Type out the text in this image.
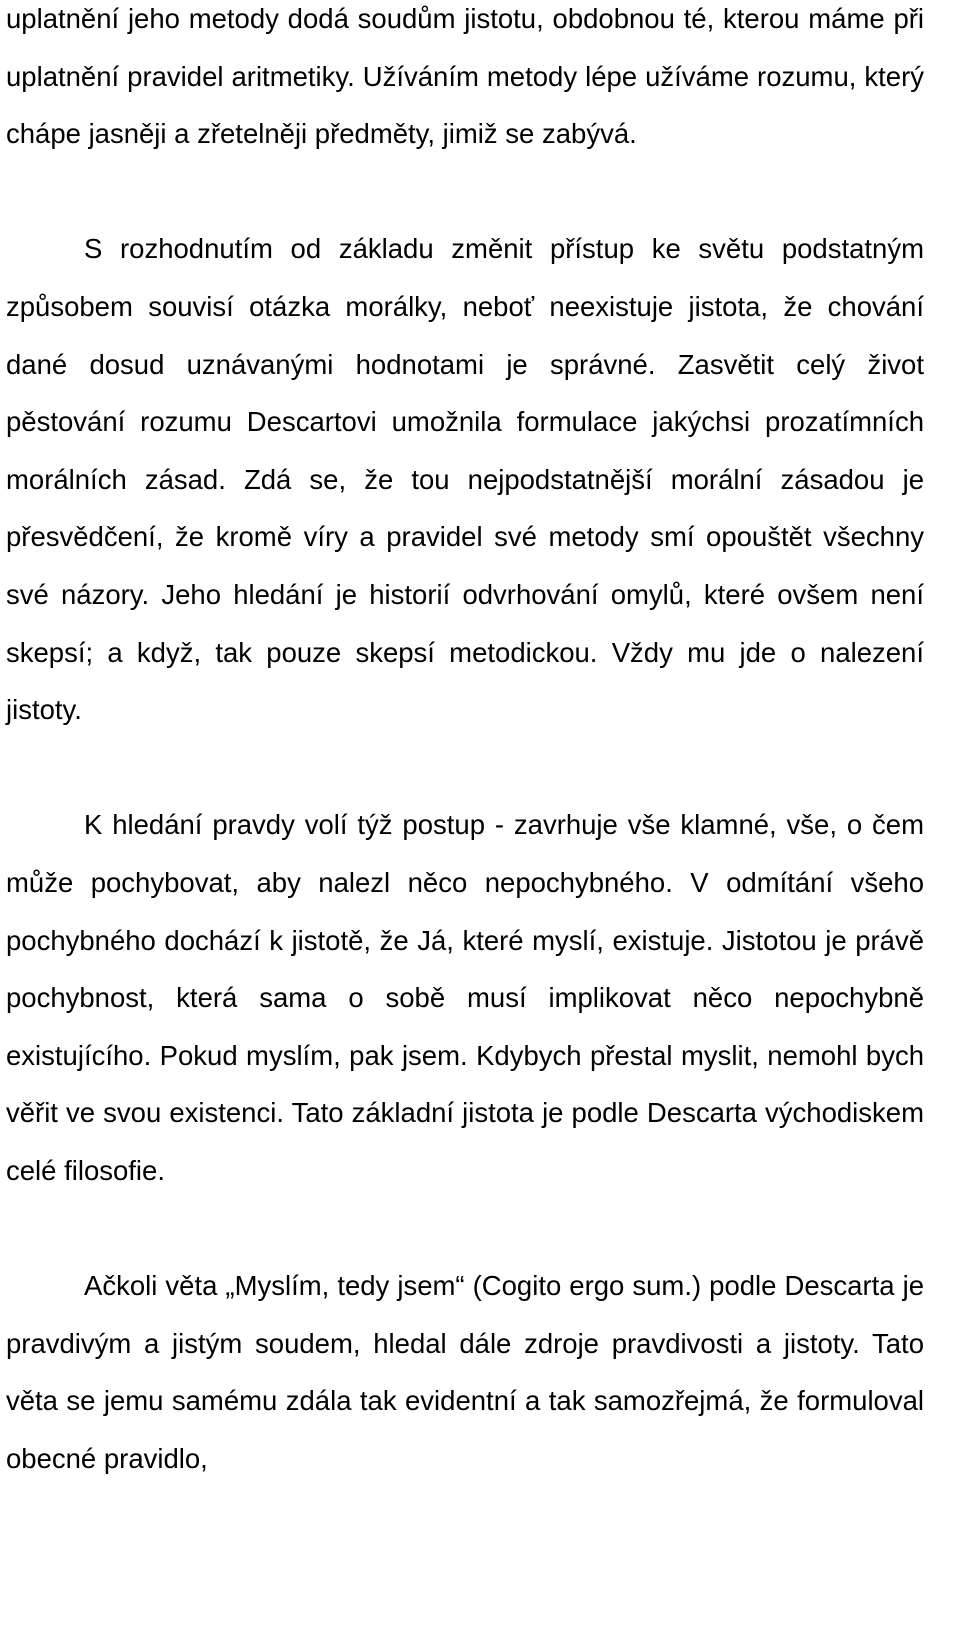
uplatnění jeho metody dodá soudům jistotu, obdobnou té, kterou máme při uplatnění pravidel aritmetiky. Užíváním metody lépe užíváme rozumu, který chápe jasněji a zřetelněji předměty, jimiž se zabývá.

S rozhodnutím od základu změnit přístup ke světu podstatným způsobem souvisí otázka morálky, neboť neexistuje jistota, že chování dané dosud uznávanými hodnotami je správné. Zasvětit celý život pěstování rozumu Descartovi umožnila formulace jakýchsi prozatímních morálních zásad. Zdá se, že tou nejpodstatnější morální zásadou je přesvědčení, že kromě víry a pravidel své metody smí opouštět všechny své názory. Jeho hledání je historií odvrhování omylů, které ovšem není skepsí; a když, tak pouze skepsí metodickou. Vždy mu jde o nalezení jistoty.

K hledání pravdy volí týž postup - zavrhuje vše klamné, vše, o čem může pochybovat, aby nalezl něco nepochybného. V odmítání všeho pochybného dochází k jistotě, že Já, které myslí, existuje. Jistotou je právě pochybnost, která sama o sobě musí implikovat něco nepochybně existujícího. Pokud myslím, pak jsem. Kdybych přestal myslit, nemohl bych věřit ve svou existenci. Tato základní jistota je podle Descarta východiskem celé filosofie.

Ačkoli věta „Myslím, tedy jsem“ (Cogito ergo sum.) podle Descarta je pravdivým a jistým soudem, hledal dále zdroje pravdivosti a jistoty. Tato věta se jemu samému zdála tak evidentní a tak samozřejmá, že formuloval obecné pravidlo,
